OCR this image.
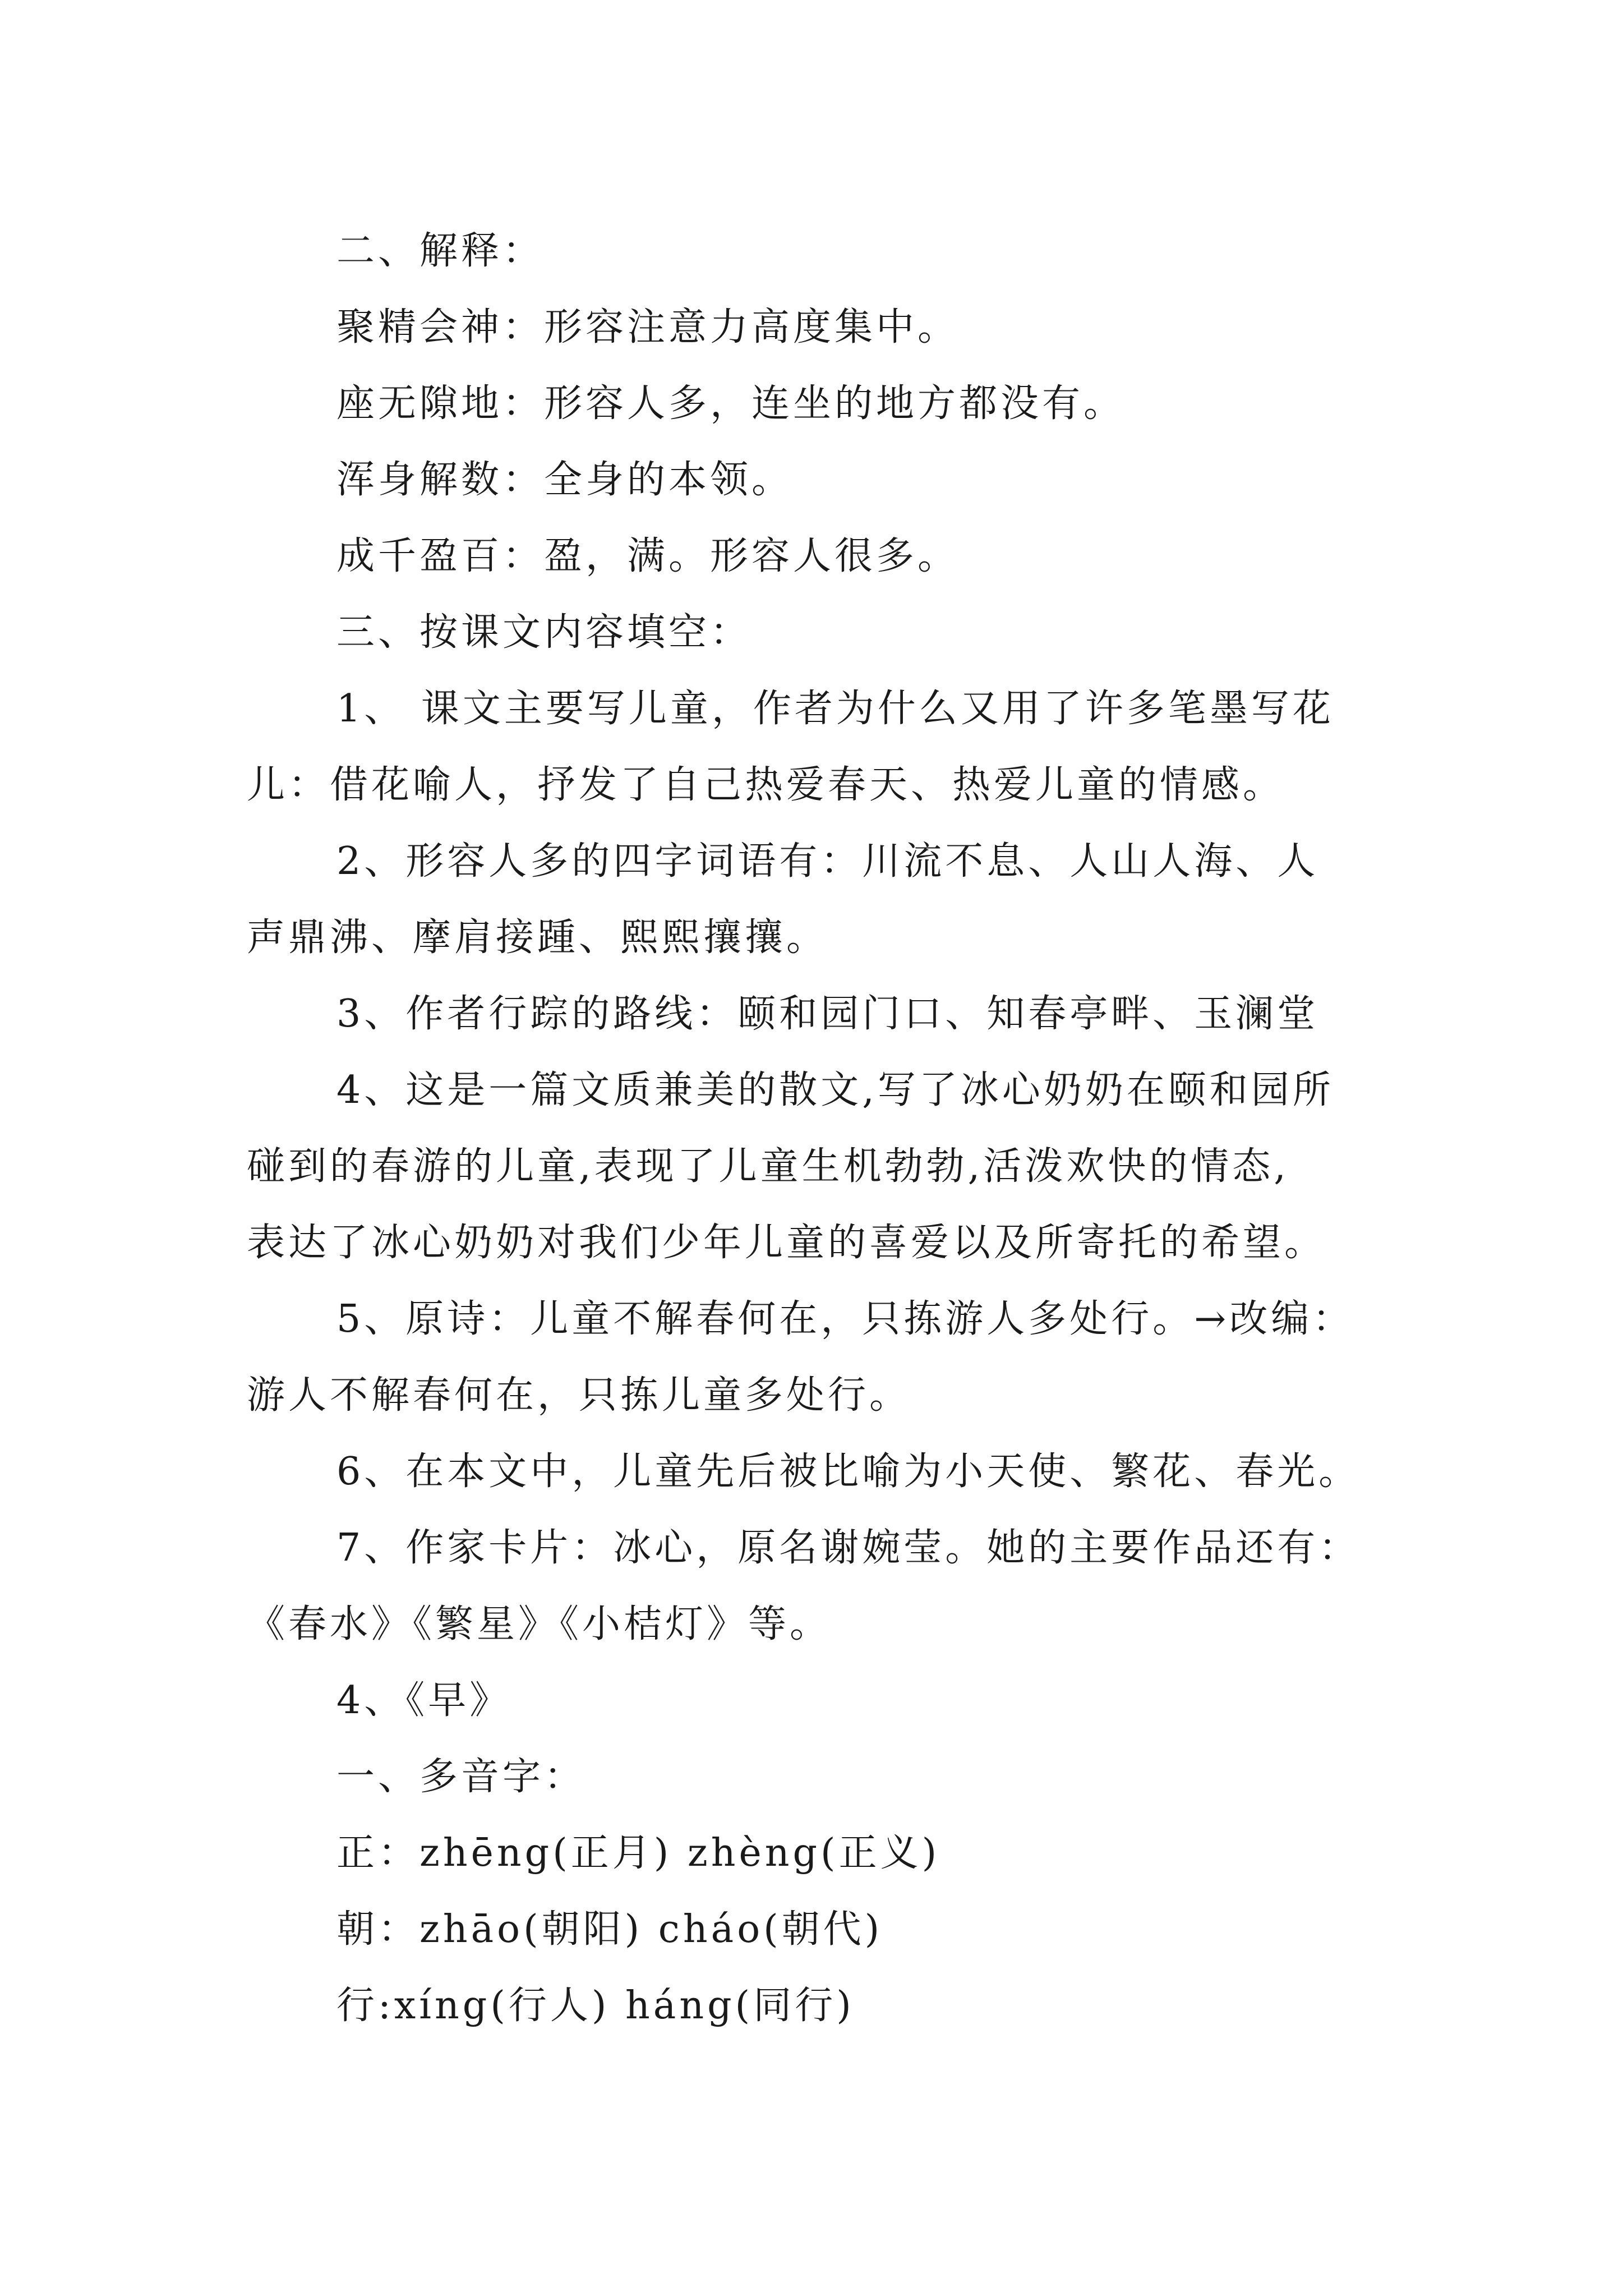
二、解释：
聚精会神：形容注意力高度集中。
座无隙地：形容人多，连坐的地方都没有。
浑身解数：全身的本领。
成千盈百：盈，满。形容人很多。
三、按课文内容填空：
1、 课文主要写儿童，作者为什么又用了许多笔墨写花
儿：借花喻人，抒发了自己热爱春天、热爱儿童的情感。
2、形容人多的四字词语有：川流不息、人山人海、人
声鼎沸、摩肩接踵、熙熙攘攘。
3、作者行踪的路线：颐和园门口、知春亭畔、玉澜堂
4、这是一篇文质兼美的散文,写了冰心奶奶在颐和园所
碰到的春游的儿童,表现了儿童生机勃勃,活泼欢快的情态,
表达了冰心奶奶对我们少年儿童的喜爱以及所寄托的希望。
5、原诗：儿童不解春何在，只拣游人多处行。→改编：
游人不解春何在，只拣儿童多处行。
6、在本文中，儿童先后被比喻为小天使、繁花、春光。
7、作家卡片：冰心，原名谢婉莹。她的主要作品还有：
《春水》《繁星》《小桔灯》等。
4、《早》
一、多音字：
正：zhēng(正月) zhèng(正义)
朝：zhāo(朝阳) cháo(朝代)
行:xíng(行人) háng(同行)
